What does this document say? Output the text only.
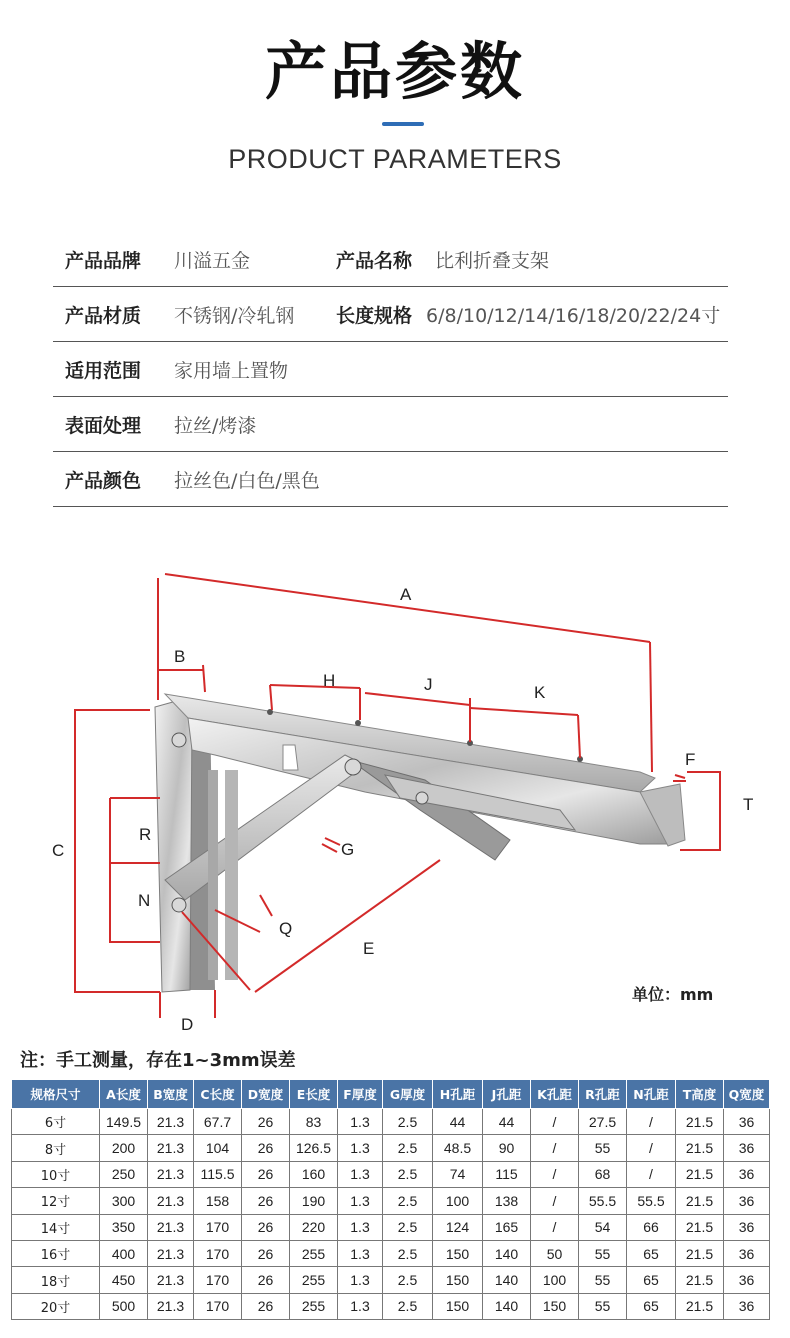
产品参数
PRODUCT PARAMETERS
产品品牌 川溢五金	产品名称 比利折叠支架
产品材质 不锈钢/冷轧钢 长度规格 6/8/10/12/14/16/18/20/22/24寸
适用范围 家用墙上置物
表面处理 拉丝/烤漆
产品颜色 拉丝色/白色/黑色
A
B
C
D
E
F
G
H	J	K
N
Q
R
T
单位：mm
注：手工测量，存在1~3mm误差
规格尺寸	A长度	B宽度	C长度	D宽度	E长度	F厚度	G厚度	H孔距	J孔距	K孔距	R孔距	N孔距	T高度	Q宽度
6寸	149.5	21.3	67.7	26	83	1.3	2.5	44	44	/	27.5	/	21.5	36
8寸	200	21.3	104	26	126.5	1.3	2.5	48.5	90	/	55	/	21.5	36
10寸	250	21.3	115.5	26	160	1.3	2.5	74	115	/	68	/	21.5	36
12寸	300	21.3	158	26	190	1.3	2.5	100	138	/	55.5	55.5	21.5	36
14寸	350	21.3	170	26	220	1.3	2.5	124	165	/	54	66	21.5	36
16寸	400	21.3	170	26	255	1.3	2.5	150	140	50	55	65	21.5	36
18寸	450	21.3	170	26	255	1.3	2.5	150	140	100	55	65	21.5	36
20寸	500	21.3	170	26	255	1.3	2.5	150	140	150	55	65	21.5	36
